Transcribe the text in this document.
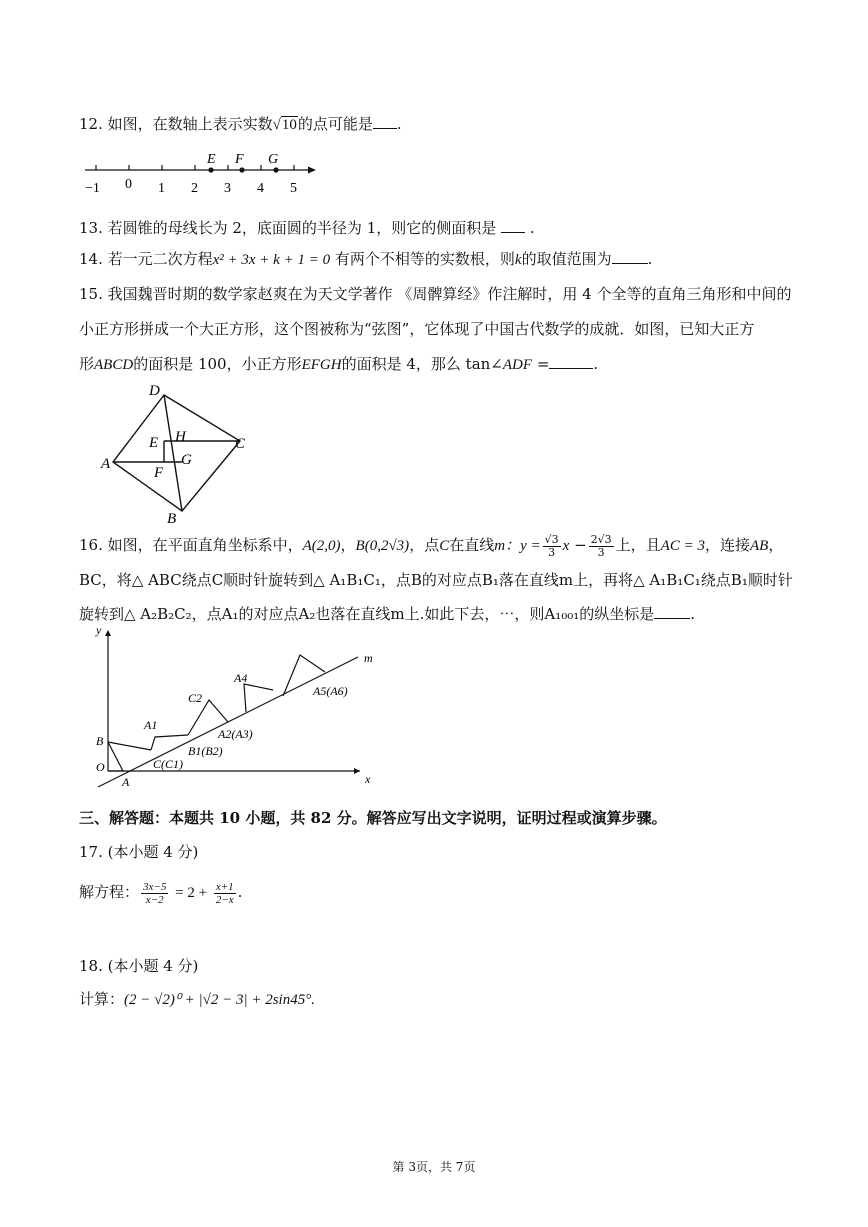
12. 如图，在数轴上表示实数√10的点可能是 .
−1 0 1 2 3 4 5
E F G
13. 若圆锥的母线长为 2，底面圆的半径为 1，则它的侧面积是 .
14. 若一元二次方程x² + 3x + k + 1 = 0 有两个不相等的实数根，则k的取值范围为 .
15. 我国魏晋时期的数学家赵爽在为天文学著作 《周髀算经》作注解时，用 4 个全等的直角三角形和中间的
小正方形拼成一个大正方形，这个图被称为“弦图”，它体现了中国古代数学的成就．如图，已知大正方
形ABCD的面积是 100，小正方形EFGH的面积是 4，那么 tan∠ADF =	.
D
E H	C
A	G
F
B
16. 如图，在平面直角坐标系中，A(2,0)，B(0,2√3)，点C在直线m：$y = \frac{√3}{3}$ $x - \frac{2√3}{3}$ 上，且AC = 3，连接AB，
BC，将△ ABC绕点C顺时针旋转到△ A₁B₁C₁，点B的对应点B₁落在直线m上，再将△ A₁B₁C₁绕点B₁顺时针
旋转到△ A₂B₂C₂，点A₁的对应点A₂也落在直线m上.如此下去，⋯，则A₁₀₀₁的纵坐标是 .
y
m
A4
A5(A6)
C2
A1
A2(A3)
B
B1(B2)
O	C(C1)
A	x
三、解答题：本题共 10 小题，共 82 分。解答应写出文字说明，证明过程或演算步骤。
17. (本小题 4 分)
解方程： $\frac{3x-5}{x-2} = 2 + \frac{x+1}{2-x}$ .
18. (本小题 4 分)
计算：(2 − √2)⁰ + |√2 − 3| + 2sin45°.
第 3页，共 7页
